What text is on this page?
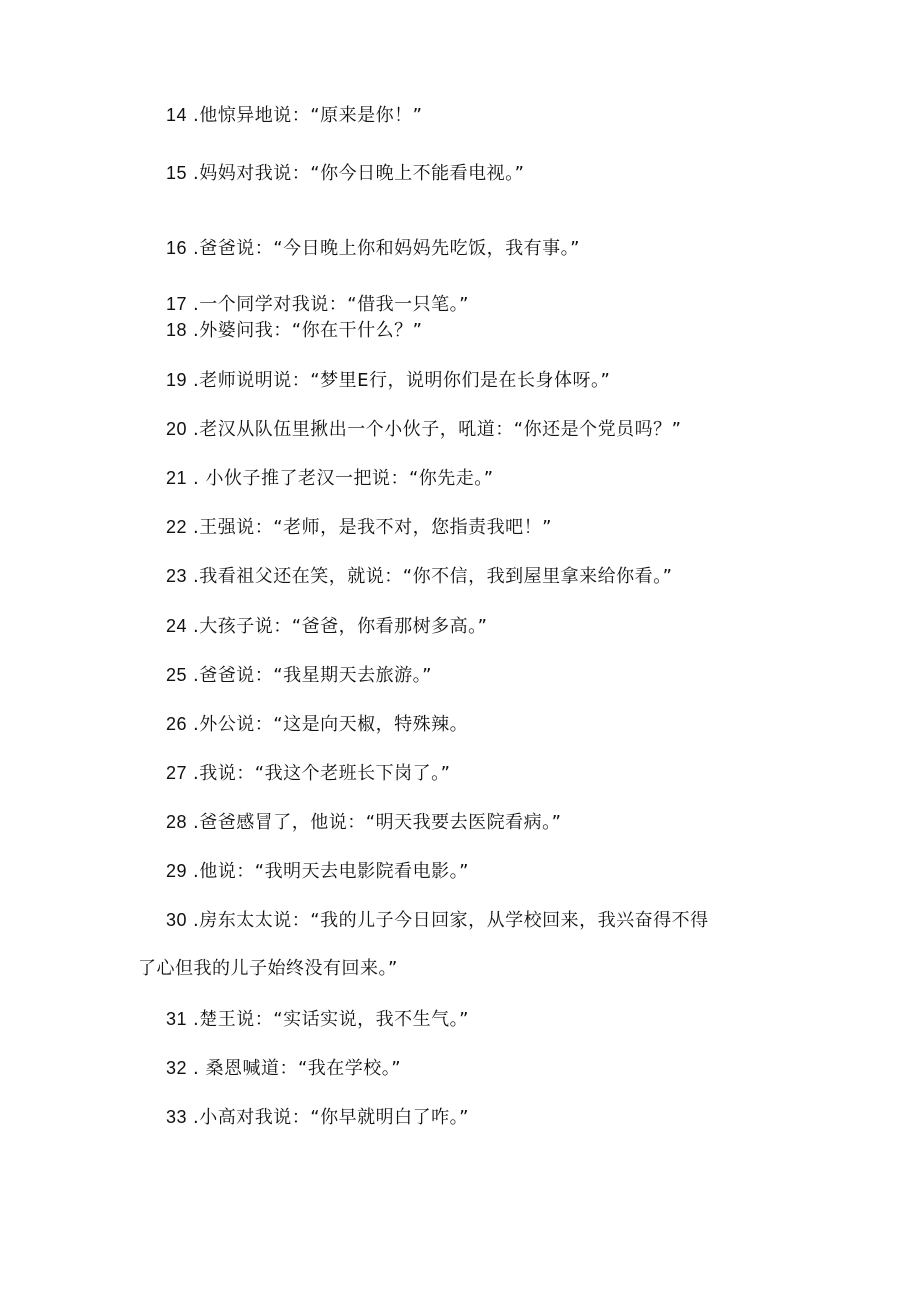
14 .他惊异地说：“原来是你！”
15 .妈妈对我说：“你今日晚上不能看电视。”
16 .爸爸说：“今日晚上你和妈妈先吃饭，我有事。”
17 .一个同学对我说：“借我一只笔。”
18 .外婆问我：“你在干什么？”
19 .老师说明说：“梦里E行，说明你们是在长身体呀。”
20 .老汉从队伍里揪出一个小伙子，吼道：“你还是个党员吗？”
21 . 小伙子推了老汉一把说：“你先走。”
22 .王强说：“老师，是我不对，您指责我吧！”
23 .我看祖父还在笑，就说：“你不信，我到屋里拿来给你看。”
24 .大孩子说：“爸爸，你看那树多高。”
25 .爸爸说：“我星期天去旅游。”
26 .外公说：“这是向天椒，特殊辣。
27 .我说：“我这个老班长下岗了。”
28 .爸爸感冒了，他说：“明天我要去医院看病。”
29 .他说：“我明天去电影院看电影。”
30 .房东太太说：“我的儿子今日回家，从学校回来，我兴奋得不得
了心但我的儿子始终没有回来。”
31 .楚王说：“实话实说，我不生气。”
32 . 桑恩喊道：“我在学校。”
33 .小高对我说：“你早就明白了咋。”
